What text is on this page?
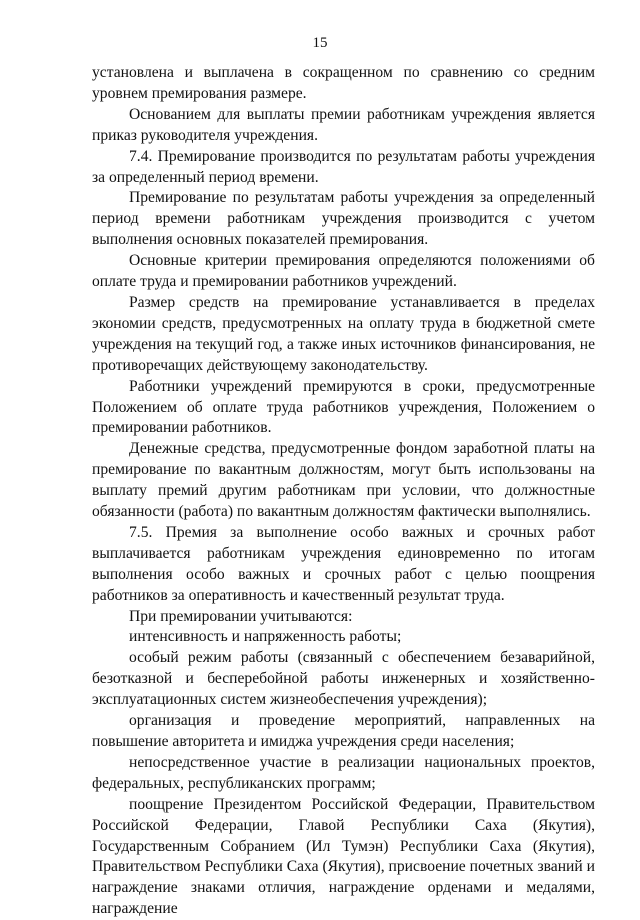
15

установлена и выплачена в сокращенном по сравнению со средним уровнем премирования размере.

Основанием для выплаты премии работникам учреждения является приказ руководителя учреждения.

7.4. Премирование производится по результатам работы учреждения за определенный период времени.

Премирование по результатам работы учреждения за определенный период времени работникам учреждения производится с учетом выполнения основных показателей премирования.

Основные критерии премирования определяются положениями об оплате труда и премировании работников учреждений.

Размер средств на премирование устанавливается в пределах экономии средств, предусмотренных на оплату труда в бюджетной смете учреждения на текущий год, а также иных источников финансирования, не противоречащих действующему законодательству.

Работники учреждений премируются в сроки, предусмотренные Положением об оплате труда работников учреждения, Положением о премировании работников.

Денежные средства, предусмотренные фондом заработной платы на премирование по вакантным должностям, могут быть использованы на выплату премий другим работникам при условии, что должностные обязанности (работа) по вакантным должностям фактически выполнялись.

7.5. Премия за выполнение особо важных и срочных работ выплачивается работникам учреждения единовременно по итогам выполнения особо важных и срочных работ с целью поощрения работников за оперативность и качественный результат труда.

При премировании учитываются:

интенсивность и напряженность работы;

особый режим работы (связанный с обеспечением безаварийной, безотказной и бесперебойной работы инженерных и хозяйственно-эксплуатационных систем жизнеобеспечения учреждения);

организация и проведение мероприятий, направленных на повышение авторитета и имиджа учреждения среди населения;

непосредственное участие в реализации национальных проектов, федеральных, республиканских программ;

поощрение Президентом Российской Федерации, Правительством Российской Федерации, Главой Республики Саха (Якутия), Государственным Собранием (Ил Тумэн) Республики Саха (Якутия), Правительством Республики Саха (Якутия), присвоение почетных званий и награждение знаками отличия, награждение орденами и медалями, награждение
